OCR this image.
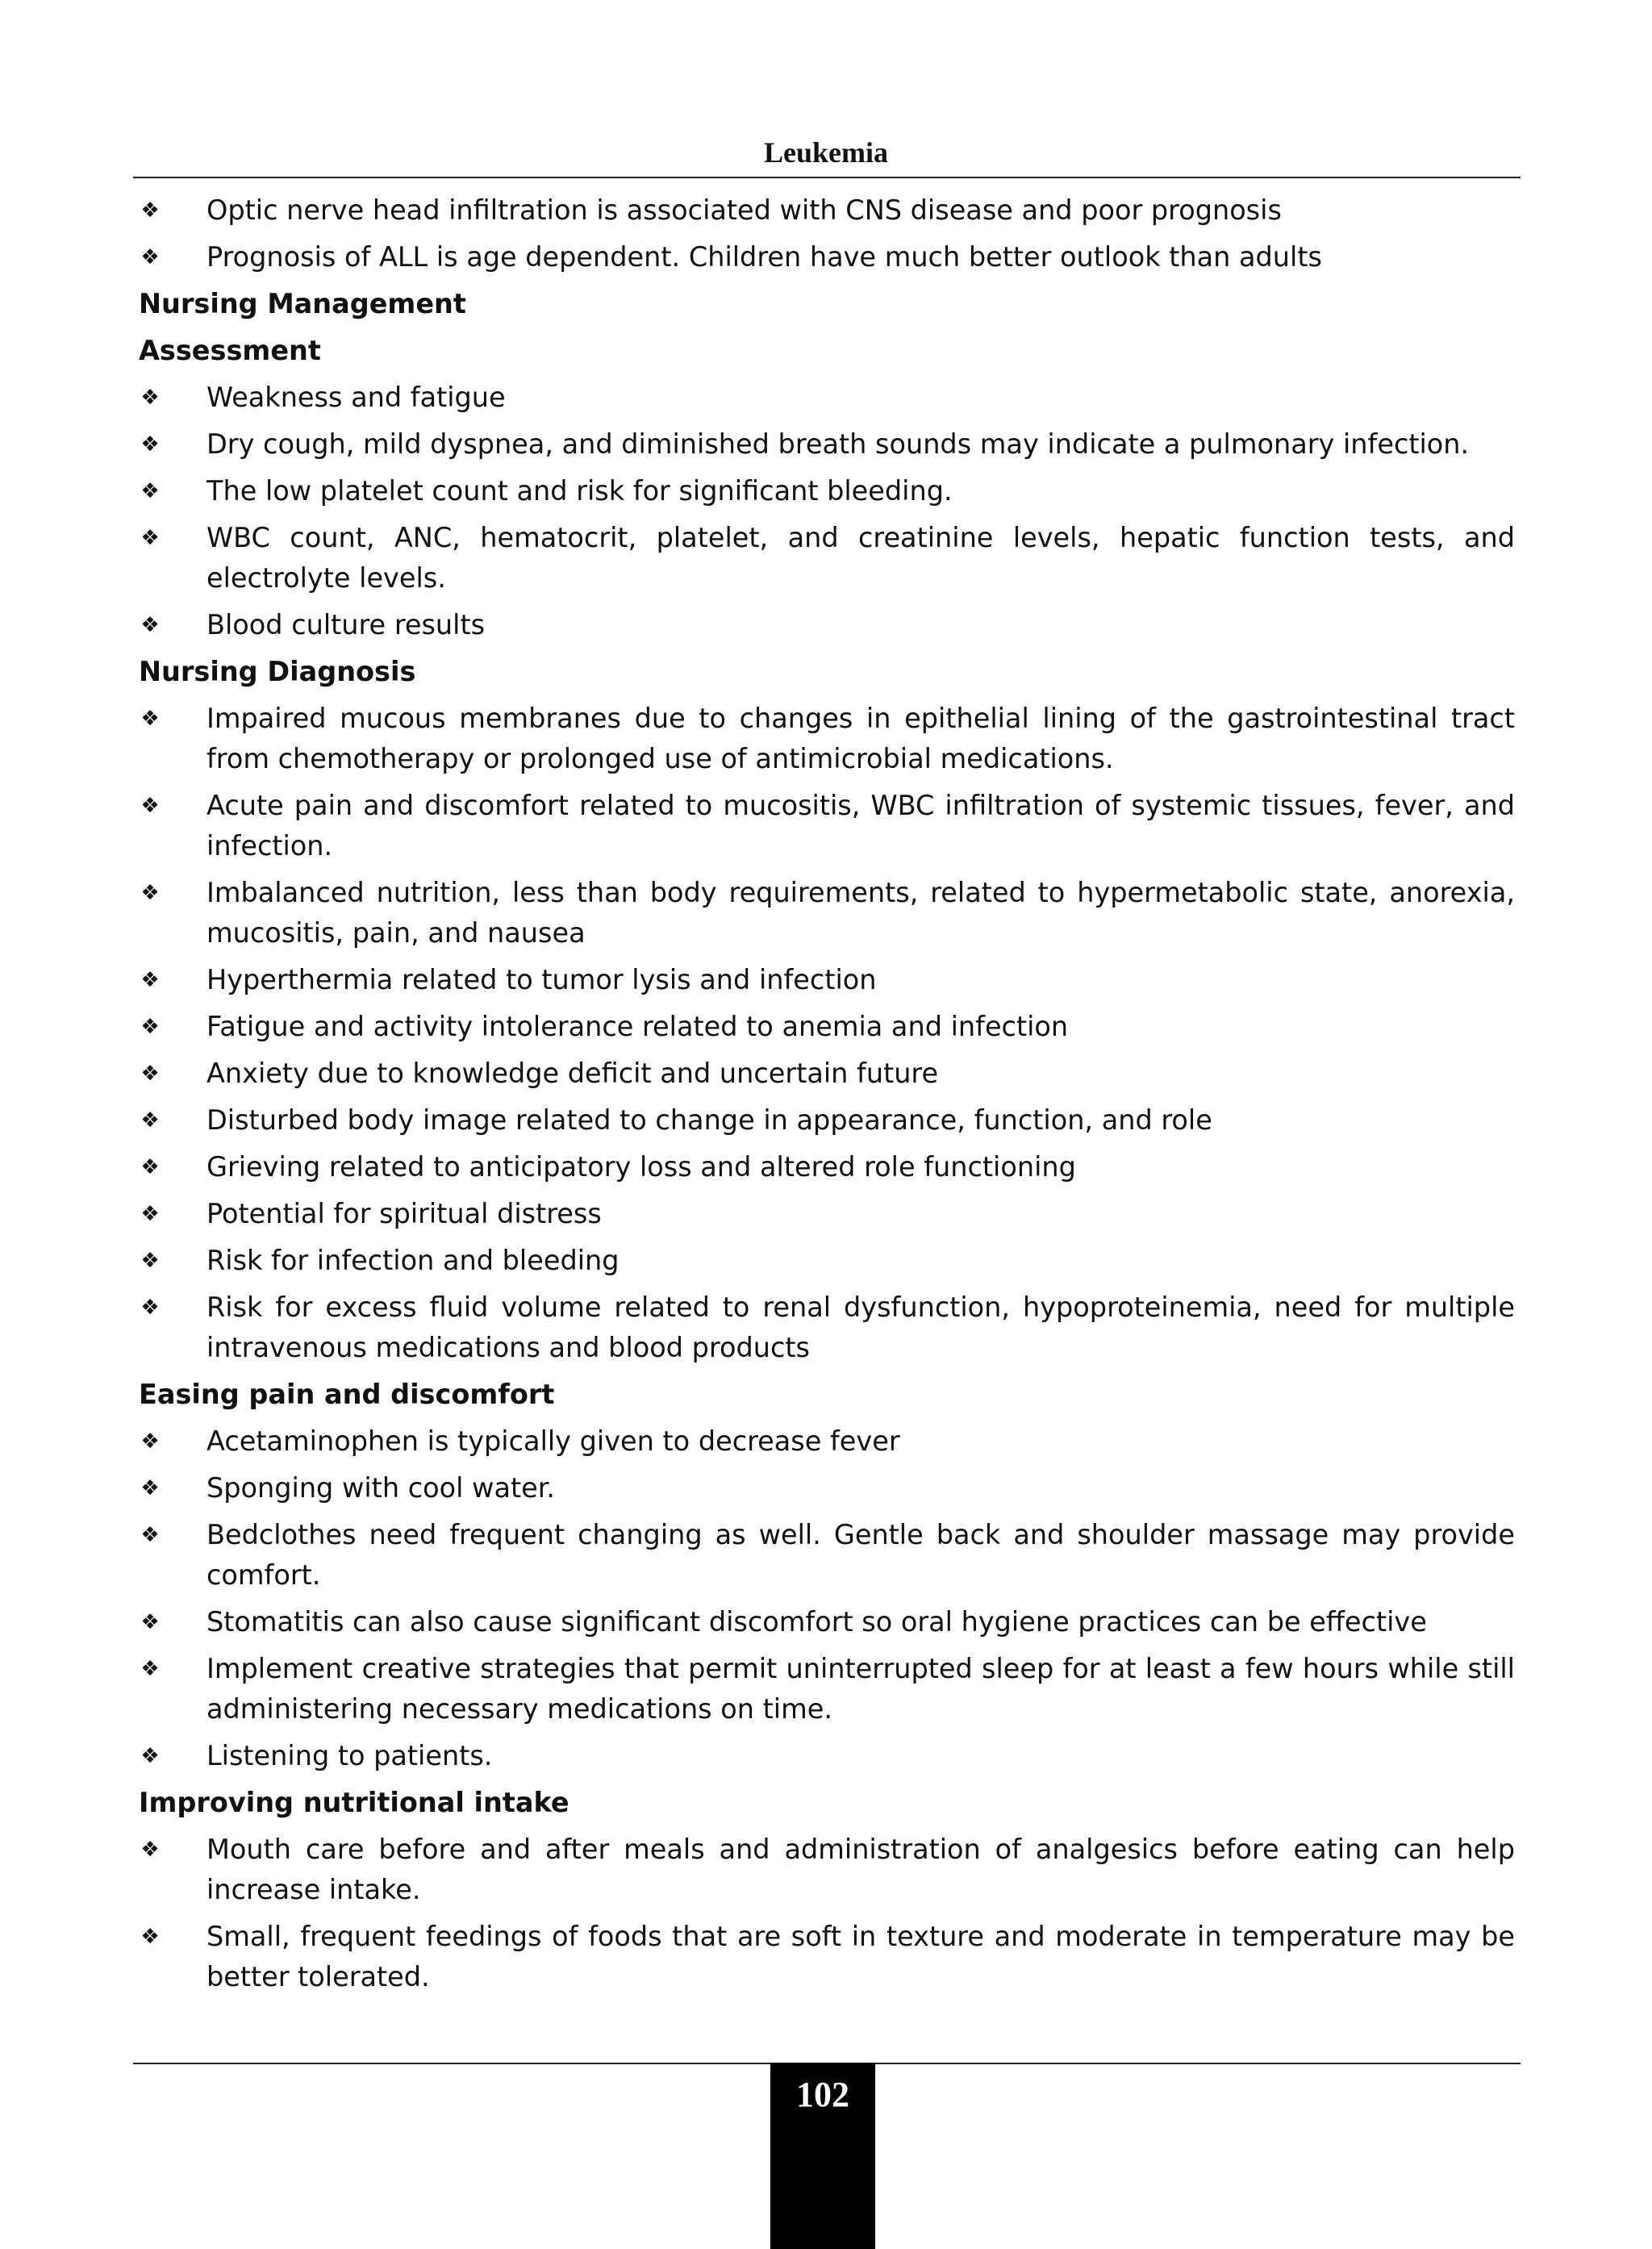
Leukemia
❖ Optic nerve head infiltration is associated with CNS disease and poor prognosis
❖ Prognosis of ALL is age dependent. Children have much better outlook than adults
Nursing Management
Assessment
❖ Weakness and fatigue
❖ Dry cough, mild dyspnea, and diminished breath sounds may indicate a pulmonary infection.
❖ The low platelet count and risk for significant bleeding.
❖ WBC count, ANC, hematocrit, platelet, and creatinine levels, hepatic function tests, and electrolyte levels.
❖ Blood culture results
Nursing Diagnosis
❖ Impaired mucous membranes due to changes in epithelial lining of the gastrointestinal tract from chemotherapy or prolonged use of antimicrobial medications.
❖ Acute pain and discomfort related to mucositis, WBC infiltration of systemic tissues, fever, and infection.
❖ Imbalanced nutrition, less than body requirements, related to hypermetabolic state, anorexia, mucositis, pain, and nausea
❖ Hyperthermia related to tumor lysis and infection
❖ Fatigue and activity intolerance related to anemia and infection
❖ Anxiety due to knowledge deficit and uncertain future
❖ Disturbed body image related to change in appearance, function, and role
❖ Grieving related to anticipatory loss and altered role functioning
❖ Potential for spiritual distress
❖ Risk for infection and bleeding
❖ Risk for excess fluid volume related to renal dysfunction, hypoproteinemia, need for multiple intravenous medications and blood products
Easing pain and discomfort
❖ Acetaminophen is typically given to decrease fever
❖ Sponging with cool water.
❖ Bedclothes need frequent changing as well. Gentle back and shoulder massage may provide comfort.
❖ Stomatitis can also cause significant discomfort so oral hygiene practices can be effective
❖ Implement creative strategies that permit uninterrupted sleep for at least a few hours while still administering necessary medications on time.
❖ Listening to patients.
Improving nutritional intake
❖ Mouth care before and after meals and administration of analgesics before eating can help increase intake.
❖ Small, frequent feedings of foods that are soft in texture and moderate in temperature may be better tolerated.
102
